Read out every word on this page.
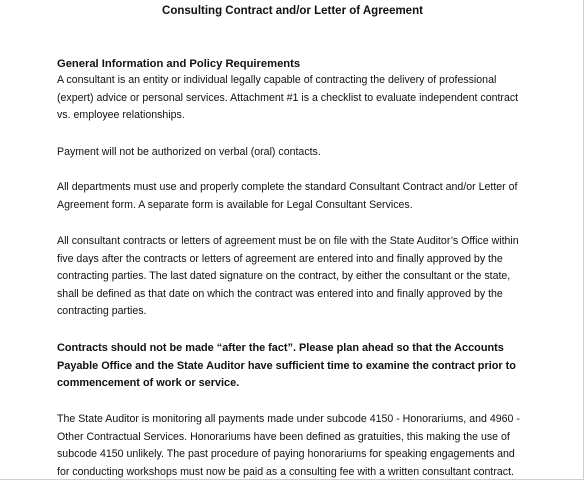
Consulting Contract and/or Letter of Agreement
General Information and Policy Requirements
A consultant is an entity or individual legally capable of contracting the delivery of professional
(expert) advice or personal services. Attachment #1 is a checklist to evaluate independent contract
vs. employee relationships.
Payment will not be authorized on verbal (oral) contacts.
All departments must use and properly complete the standard Consultant Contract and/or Letter of
Agreement form. A separate form is available for Legal Consultant Services.
All consultant contracts or letters of agreement must be on file with the State Auditor’s Office within
five days after the contracts or letters of agreement are entered into and finally approved by the
contracting parties. The last dated signature on the contract, by either the consultant or the state,
shall be defined as that date on which the contract was entered into and finally approved by the
contracting parties.
Contracts should not be made “after the fact”. Please plan ahead so that the Accounts
Payable Office and the State Auditor have sufficient time to examine the contract prior to
commencement of work or service.
The State Auditor is monitoring all payments made under subcode 4150 - Honorariums, and 4960 -
Other Contractual Services. Honorariums have been defined as gratuities, this making the use of
subcode 4150 unlikely. The past procedure of paying honorariums for speaking engagements and
for conducting workshops must now be paid as a consulting fee with a written consultant contract.
